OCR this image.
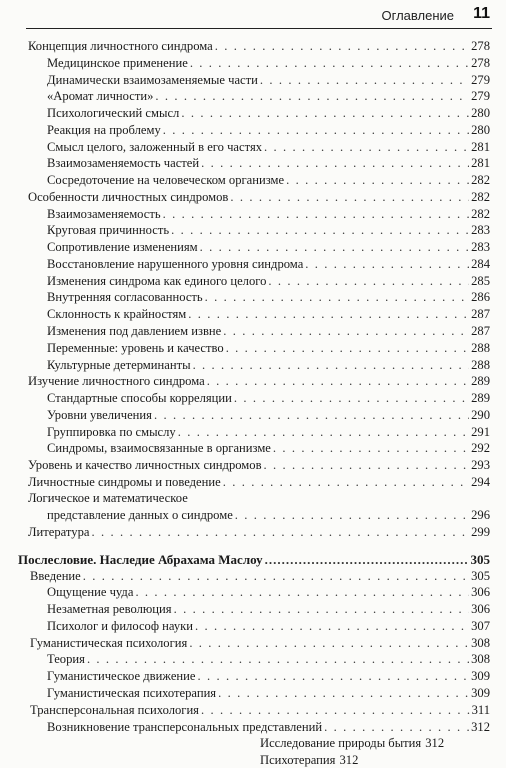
Оглавление 11
Концепция личностного синдрома . . .	278
Медицинское применение . . .	278
Динамически взаимозаменяемые части . . .	279
«Аромат личности» . . .	279
Психологический смысл . . .	280
Реакция на проблему . . .	280
Смысл целого, заложенный в его частях . . .	281
Взаимозаменяемость частей . . .	281
Сосредоточение на человеческом организме . . .	282
Особенности личностных синдромов . . .	282
Взаимозаменяемость . . .	282
Круговая причинность . . .	283
Сопротивление изменениям . . .	283
Восстановление нарушенного уровня синдрома . . .	284
Изменения синдрома как единого целого . . .	285
Внутренняя согласованность . . .	286
Склонность к крайностям . . .	287
Изменения под давлением извне . . .	287
Переменные: уровень и качество . . .	288
Культурные детерминанты . . .	288
Изучение личностного синдрома . . .	289
Стандартные способы корреляции . . .	289
Уровни увеличения . . .	290
Группировка по смыслу . . .	291
Синдромы, взаимосвязанные в организме . . .	292
Уровень и качество личностных синдромов . . .	293
Личностные синдромы и поведение . . .	294
Логическое и математическое
представление данных о синдроме . . .	296
Литература . . .	299
Послесловие. Наследие Абрахама Маслоу .....	305
Введение . . .	305
Ощущение чуда . . .	306
Незаметная революция . . .	306
Психолог и философ науки . . .	307
Гуманистическая психология . . .	308
Теория . . .	308
Гуманистическое движение . . .	309
Гуманистическая психотерапия . . .	309
Трансперсональная психология . . .	311
Возникновение трансперсональных представлений . . .	312
Исследование природы бытия 312
Психотерапия 312
